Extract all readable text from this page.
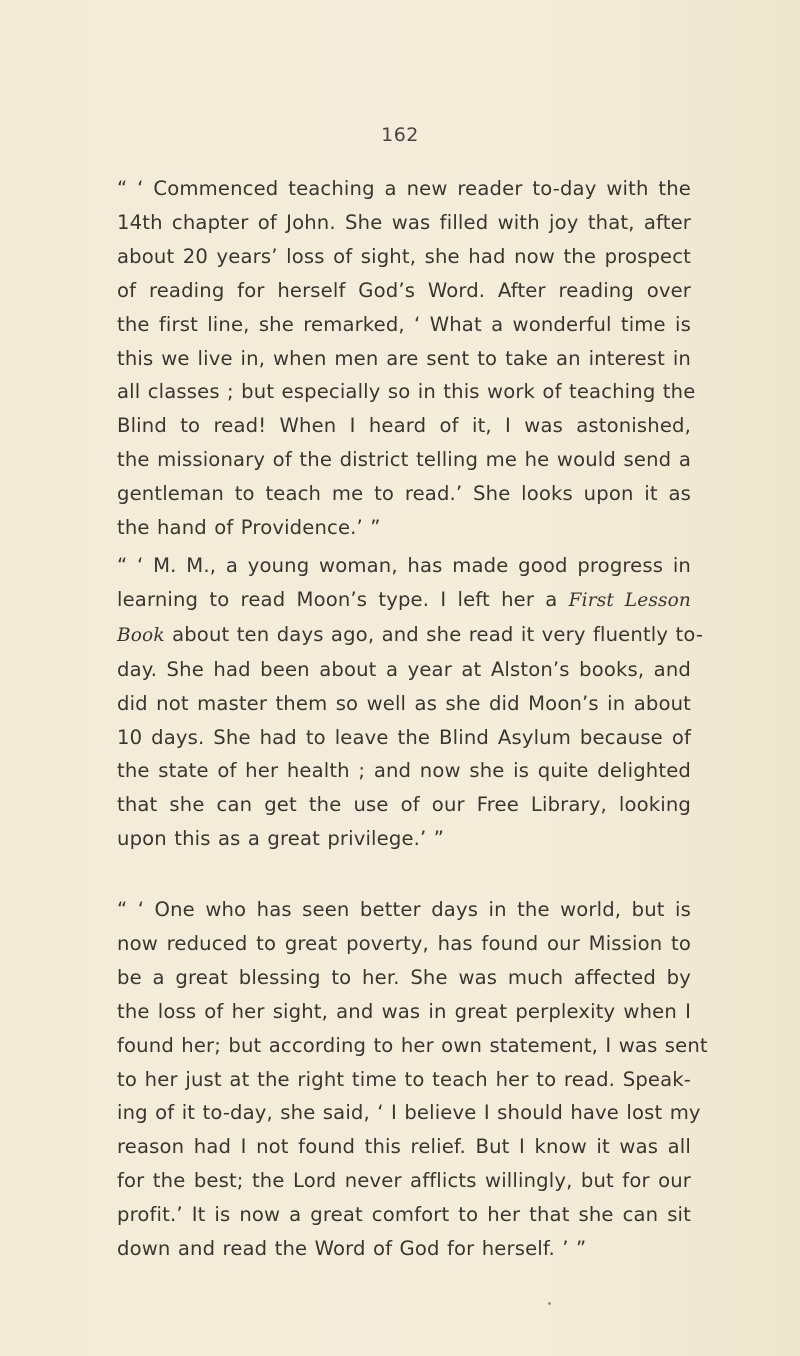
162
“ ‘ Commenced teaching a new reader to-day with the
14th chapter of John. She was filled with joy that, after
about 20 years’ loss of sight, she had now the prospect
of reading for herself God’s Word. After reading over
the first line, she remarked, ‘ What a wonderful time is
this we live in, when men are sent to take an interest in
all classes ; but especially so in this work of teaching the
Blind to read! When I heard of it, I was astonished,
the missionary of the district telling me he would send a
gentleman to teach me to read.’ She looks upon it as
the hand of Providence.’ ”
“ ‘ M. M., a young woman, has made good progress in
learning to read Moon’s type. I left her a First Lesson
Book about ten days ago, and she read it very fluently to-
day. She had been about a year at Alston’s books, and
did not master them so well as she did Moon’s in about
10 days. She had to leave the Blind Asylum because of
the state of her health ; and now she is quite delighted
that she can get the use of our Free Library, looking
upon this as a great privilege.’ ”
“ ‘ One who has seen better days in the world, but is
now reduced to great poverty, has found our Mission to
be a great blessing to her. She was much affected by
the loss of her sight, and was in great perplexity when I
found her; but according to her own statement, I was sent
to her just at the right time to teach her to read. Speak-
ing of it to-day, she said, ‘ I believe I should have lost my
reason had I not found this relief. But I know it was all
for the best; the Lord never afflicts willingly, but for our
profit.’ It is now a great comfort to her that she can sit
down and read the Word of God for herself. ’ ”
